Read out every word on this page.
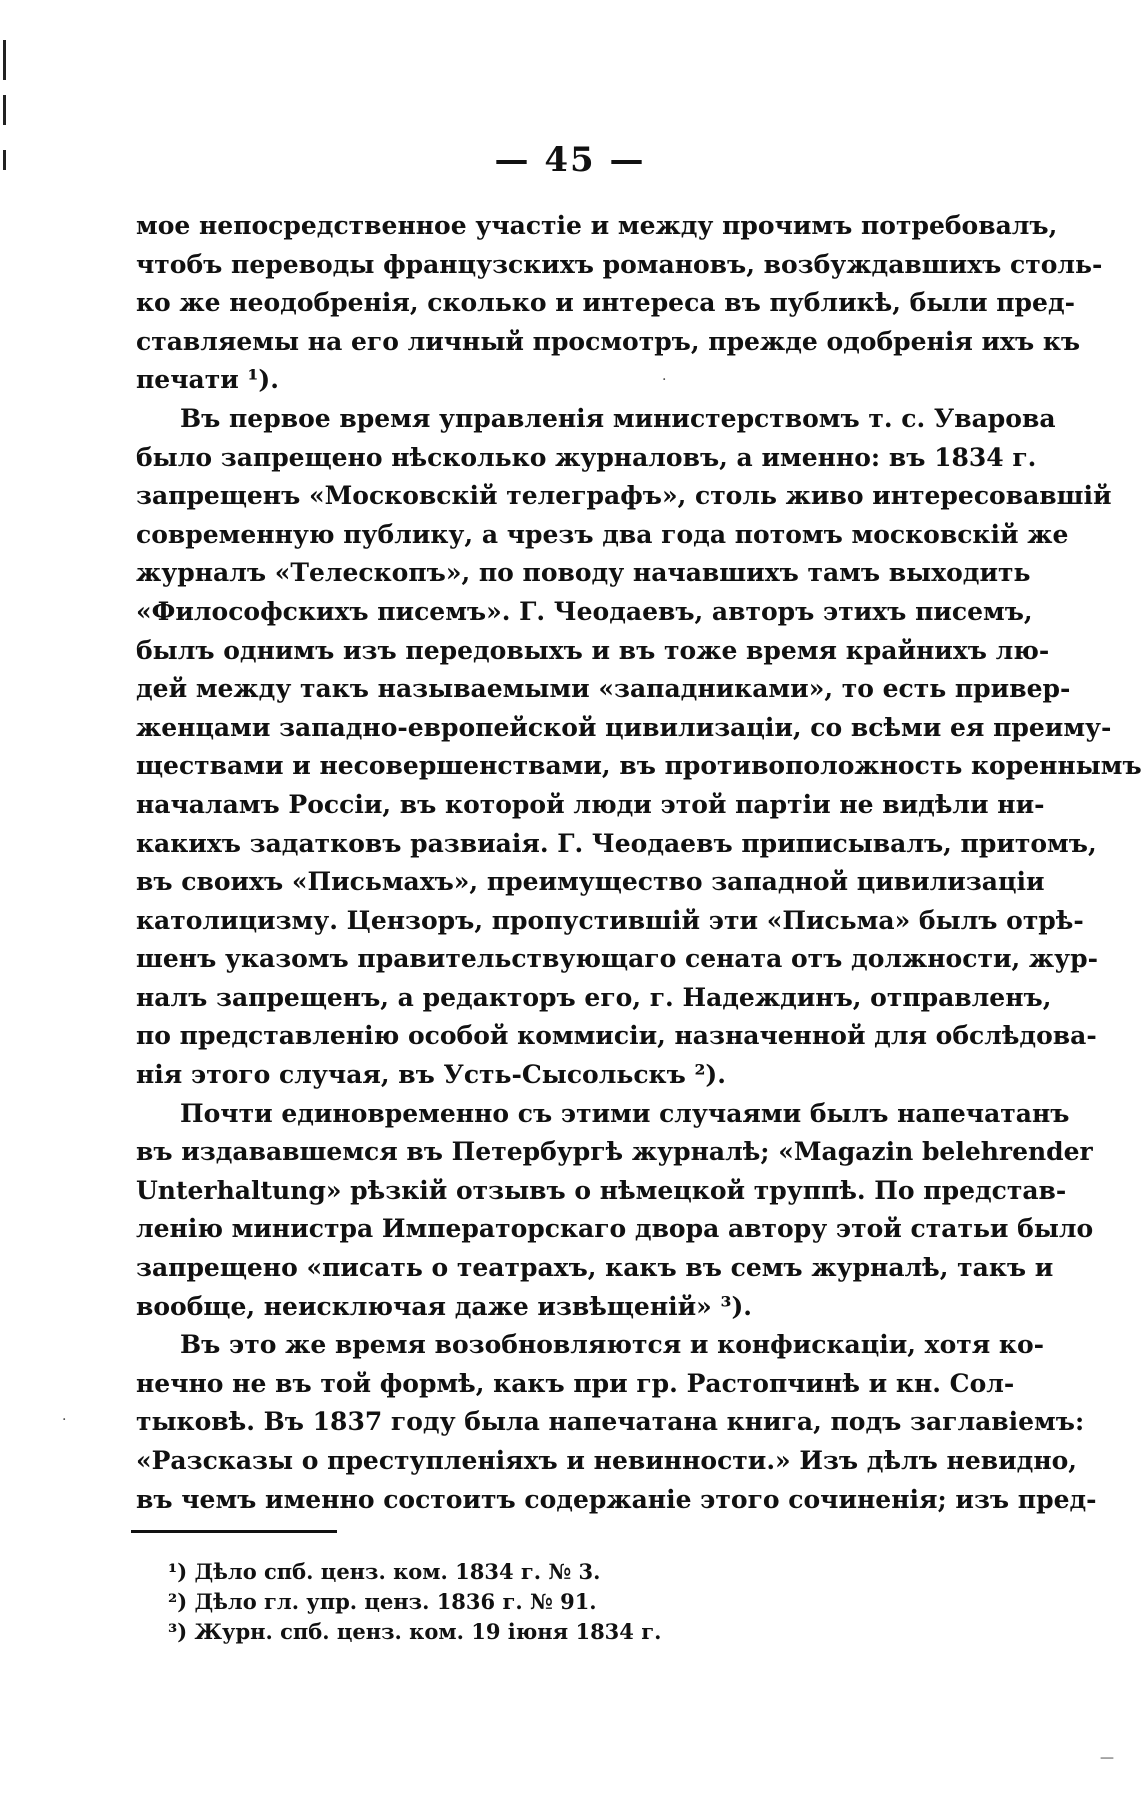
— 45 —
мое непосредственное участіе и между прочимъ потребовалъ,
чтобъ переводы французскихъ романовъ, возбуждавшихъ столь-
ко же неодобренія, сколько и интереса въ публикѣ, были пред-
ставляемы на его личный просмотръ, прежде одобренія ихъ къ
печати ¹).
Въ первое время управленія министерствомъ т. с. Уварова
было запрещено нѣсколько журналовъ, а именно: въ 1834 г.
запрещенъ «Московскій телеграфъ», столь живо интересовавшій
современную публику, а чрезъ два года потомъ московскій же
журналъ «Телескопъ», по поводу начавшихъ тамъ выходить
«Философскихъ писемъ». Г. Чеодаевъ, авторъ этихъ писемъ,
былъ однимъ изъ передовыхъ и въ тоже время крайнихъ лю-
дей между такъ называемыми «западниками», то есть привер-
женцами западно-европейской цивилизаціи, со всѣми ея преиму-
ществами и несовершенствами, въ противоположность кореннымъ
началамъ Россіи, въ которой люди этой партіи не видѣли ни-
какихъ задатковъ развиаія. Г. Чеодаевъ приписывалъ, притомъ,
въ своихъ «Письмахъ», преимущество западной цивилизаціи
католицизму. Цензоръ, пропустившій эти «Письма» былъ отрѣ-
шенъ указомъ правительствующаго сената отъ должности, жур-
налъ запрещенъ, а редакторъ его, г. Надеждинъ, отправленъ,
по представленію особой коммисіи, назначенной для обслѣдова-
нія этого случая, въ Усть-Сысольскъ ²).
Почти единовременно съ этими случаями былъ напечатанъ
въ издававшемся въ Петербургѣ журналѣ; «Magazin belehrender
Unterhaltung» рѣзкій отзывъ о нѣмецкой труппѣ. По представ-
ленію министра Императорскаго двора автору этой статьи было
запрещено «писать о театрахъ, какъ въ семъ журналѣ, такъ и
вообще, неисключая даже извѣщеній» ³).
Въ это же время возобновляются и конфискаціи, хотя ко-
нечно не въ той формѣ, какъ при гр. Растопчинѣ и кн. Сол-
тыковѣ. Въ 1837 году была напечатана книга, подъ заглавіемъ:
«Разсказы о преступленіяхъ и невинности.» Изъ дѣлъ невидно,
въ чемъ именно состоитъ содержаніе этого сочиненія; изъ пред-
¹) Дѣло спб. ценз. ком. 1834 г. № 3.
²) Дѣло гл. упр. ценз. 1836 г. № 91.
³) Журн. спб. ценз. ком. 19 іюня 1834 г.
·
·
—
